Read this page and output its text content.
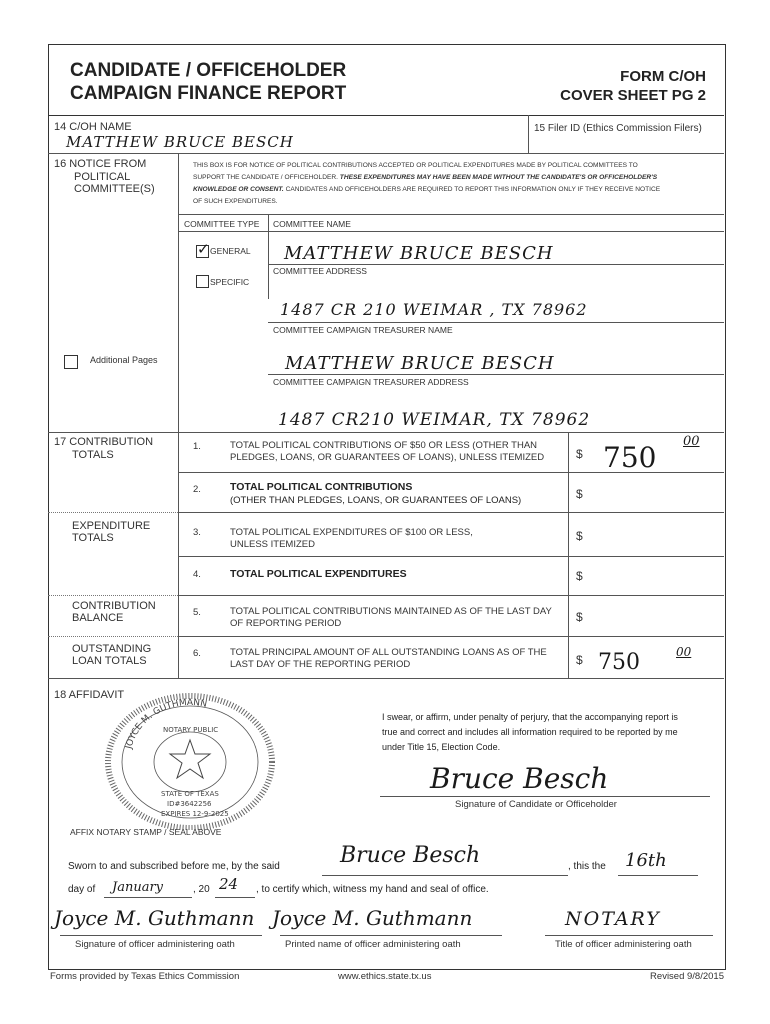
CANDIDATE / OFFICEHOLDER
CAMPAIGN FINANCE REPORT
FORM C/OH
COVER SHEET PG 2
14 C/OH NAME
MATTHEW BRUCE BESCH
15 Filer ID (Ethics Commission Filers)
16 NOTICE FROM
POLITICAL
COMMITTEE(S)
THIS BOX IS FOR NOTICE OF POLITICAL CONTRIBUTIONS ACCEPTED OR POLITICAL EXPENDITURES MADE BY POLITICAL COMMITTEES TO
SUPPORT THE CANDIDATE / OFFICEHOLDER. THESE EXPENDITURES MAY HAVE BEEN MADE WITHOUT THE CANDIDATE'S OR OFFICEHOLDER'S
KNOWLEDGE OR CONSENT. CANDIDATES AND OFFICEHOLDERS ARE REQUIRED TO REPORT THIS INFORMATION ONLY IF THEY RECEIVE NOTICE
OF SUCH EXPENDITURES.
COMMITTEE TYPE COMMITTEE NAME
✓ GENERAL
SPECIFIC
MATTHEW BRUCE BESCH
COMMITTEE ADDRESS
1487 CR 210 WEIMAR , TX 78962
COMMITTEE CAMPAIGN TREASURER NAME
Additional Pages	MATTHEW BRUCE BESCH
COMMITTEE CAMPAIGN TREASURER ADDRESS
1487 CR210 WEIMAR, TX 78962
17 CONTRIBUTION
TOTALS
EXPENDITURE
TOTALS
CONTRIBUTION
BALANCE
OUTSTANDING
LOAN TOTALS
1.	TOTAL POLITICAL CONTRIBUTIONS OF $50 OR LESS (OTHER THAN
PLEDGES, LOANS, OR GUARANTEES OF LOANS), UNLESS ITEMIZED	$ 750 00
2.	TOTAL POLITICAL CONTRIBUTIONS
(OTHER THAN PLEDGES, LOANS, OR GUARANTEES OF LOANS)	$
3.	TOTAL POLITICAL EXPENDITURES OF $100 OR LESS,
UNLESS ITEMIZED
$
4.	TOTAL POLITICAL EXPENDITURES	$
5.	TOTAL POLITICAL CONTRIBUTIONS MAINTAINED AS OF THE LAST DAY
OF REPORTING PERIOD	$
6.	TOTAL PRINCIPAL AMOUNT OF ALL OUTSTANDING LOANS AS OF THE
LAST DAY OF THE REPORTING PERIOD	$ 750	00
18 AFFIDAVIT
JOYCE M. GUTHMANN
NOTARY PUBLIC
STATE OF TEXAS
ID#3642256
EXPIRES 12-9-2025
I swear, or affirm, under penalty of perjury, that the accompanying report is
true and correct and includes all information required to be reported by me
under Title 15, Election Code.
Bruce Besch
Signature of Candidate or Officeholder
AFFIX NOTARY STAMP / SEAL ABOVE
Sworn to and subscribed before me, by the said	Bruce Besch	, this the 16th
day of January	, 20 24 , to certify which, witness my hand and seal of office.
Joyce M. Guthmann
Signature of officer administering oath
Joyce M. Guthmann
Printed name of officer administering oath
NOTARY
Title of officer administering oath
Forms provided by Texas Ethics Commission	www.ethics.state.tx.us	Revised 9/8/2015
